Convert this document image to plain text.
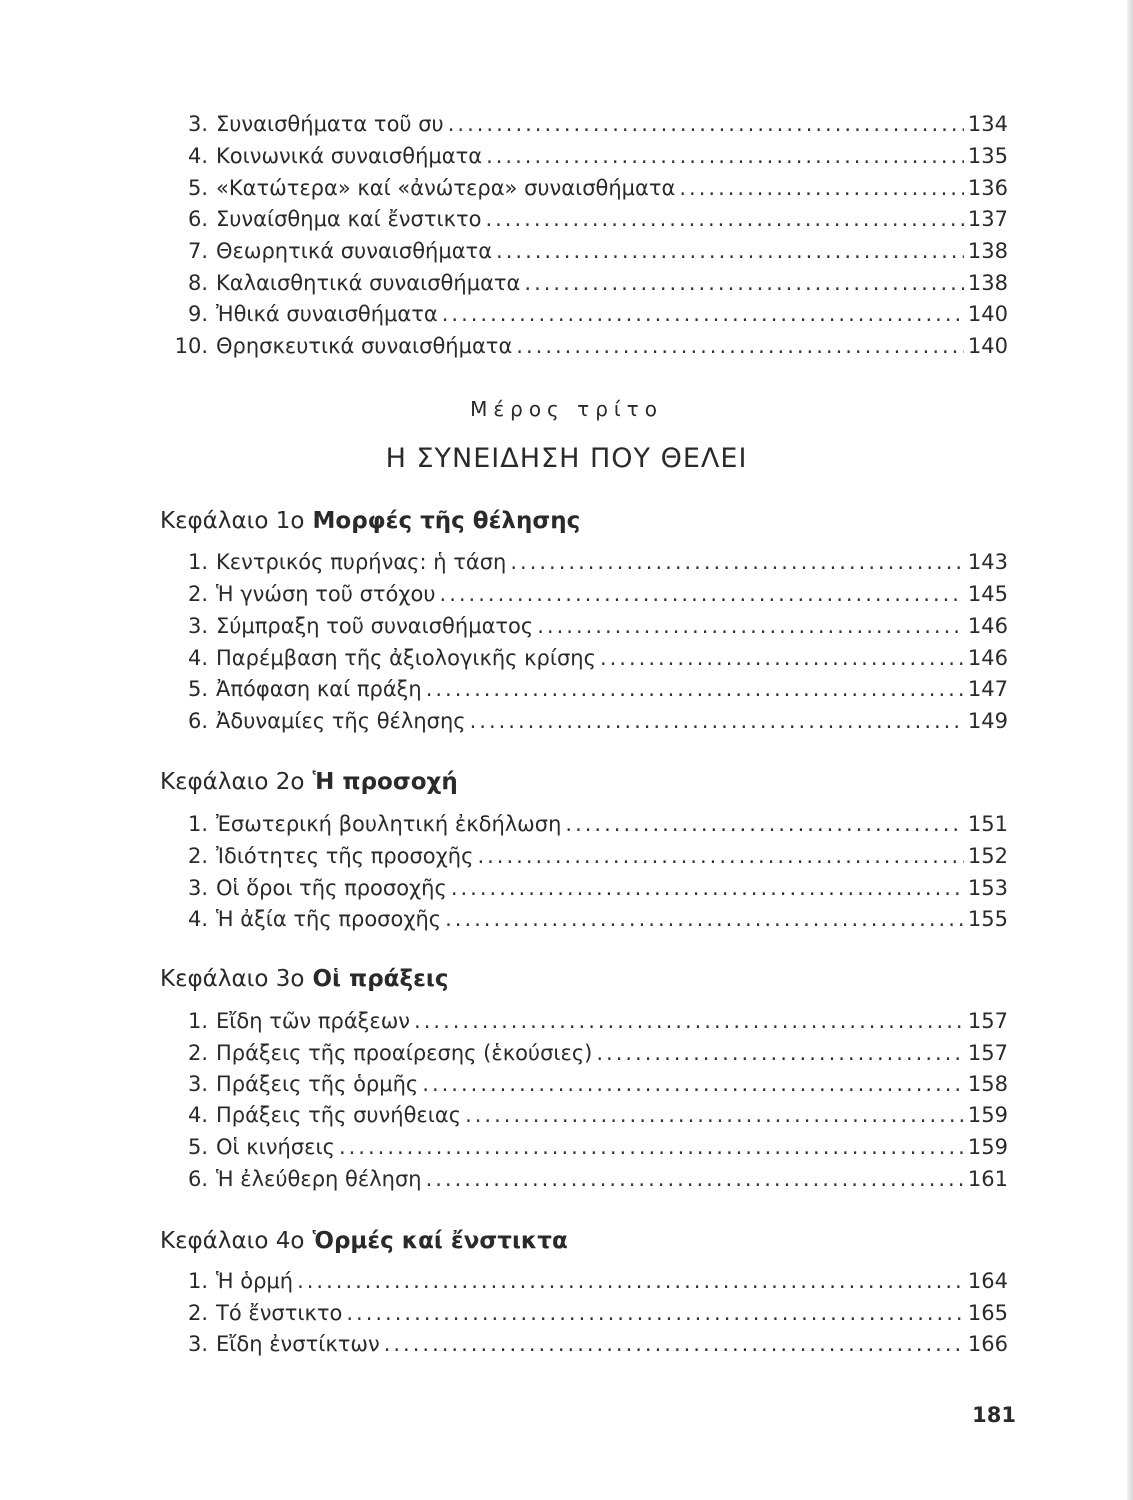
3. Συναισθήματα τοῦ συ .....	134
4. Κοινωνικά συναισθήματα .....	135
5. «Κατώτερα» καί «ἀνώτερα» συναισθήματα .....	136
6. Συναίσθημα καί ἔνστικτο .....	137
7. Θεωρητικά συναισθήματα .....	138
8. Καλαισθητικά συναισθήματα .....	138
9. Ἠθικά συναισθήματα .....	140
10. Θρησκευτικά συναισθήματα .....	140
Μέρος τρίτο
Η ΣΥΝΕΙΔΗΣΗ ΠΟΥ ΘΕΛΕΙ
Κεφάλαιο 1ο Μορφές τῆς θέλησης
1. Κεντρικός πυρήνας: ἡ τάση .....	143
2. Ἡ γνώση τοῦ στόχου .....	145
3. Σύμπραξη τοῦ συναισθήματος .....	146
4. Παρέμβαση τῆς ἀξιολογικῆς κρίσης .....	146
5. Ἀπόφαση καί πράξη .....	147
6. Ἀδυναμίες τῆς θέλησης .....	149
Κεφάλαιο 2ο Ἡ προσοχή
1. Ἐσωτερική βουλητική ἐκδήλωση .....	151
2. Ἰδιότητες τῆς προσοχῆς .....	152
3. Οἱ ὅροι τῆς προσοχῆς .....	153
4. Ἡ ἀξία τῆς προσοχῆς .....	155
Κεφάλαιο 3ο Οἱ πράξεις
1. Εἴδη τῶν πράξεων .....	157
2. Πράξεις τῆς προαίρεσης (ἑκούσιες) .....	157
3. Πράξεις τῆς ὁρμῆς .....	158
4. Πράξεις τῆς συνήθειας .....	159
5. Οἱ κινήσεις .....	159
6. Ἡ ἐλεύθερη θέληση .....	161
Κεφάλαιο 4ο Ὁρμές καί ἔνστικτα
1. Ἡ ὁρμή .....	164
2. Τό ἔνστικτο .....	165
3. Εἴδη ἐνστίκτων .....	166
181
